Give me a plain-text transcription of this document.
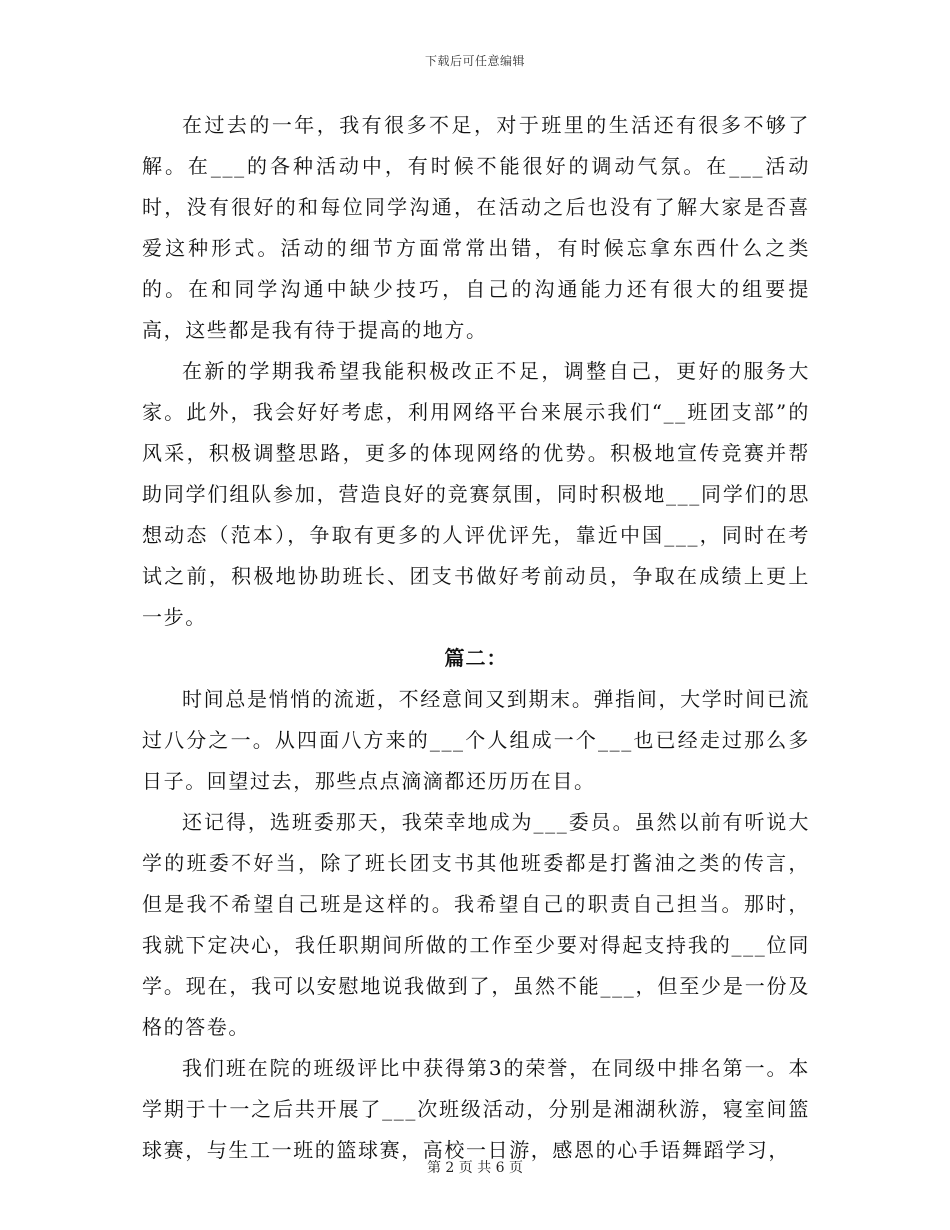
下载后可任意编辑

在过去的一年，我有很多不足，对于班里的生活还有很多不够了解。在___的各种活动中，有时候不能很好的调动气氛。在___活动时，没有很好的和每位同学沟通，在活动之后也没有了解大家是否喜爱这种形式。活动的细节方面常常出错，有时候忘拿东西什么之类的。在和同学沟通中缺少技巧，自己的沟通能力还有很大的组要提高，这些都是我有待于提高的地方。

在新的学期我希望我能积极改正不足，调整自己，更好的服务大家。此外，我会好好考虑，利用网络平台来展示我们“__班团支部”的风采，积极调整思路，更多的体现网络的优势。积极地宣传竞赛并帮助同学们组队参加，营造良好的竞赛氛围，同时积极地___同学们的思想动态（范本），争取有更多的人评优评先，靠近中国___，同时在考试之前，积极地协助班长、团支书做好考前动员，争取在成绩上更上一步。

篇二：

时间总是悄悄的流逝，不经意间又到期末。弹指间，大学时间已流过八分之一。从四面八方来的___个人组成一个___也已经走过那么多日子。回望过去，那些点点滴滴都还历历在目。

还记得，选班委那天，我荣幸地成为___委员。虽然以前有听说大学的班委不好当，除了班长团支书其他班委都是打酱油之类的传言，但是我不希望自己班是这样的。我希望自己的职责自己担当。那时，我就下定决心，我任职期间所做的工作至少要对得起支持我的___位同学。现在，我可以安慰地说我做到了，虽然不能___，但至少是一份及格的答卷。

我们班在院的班级评比中获得第3的荣誉，在同级中排名第一。本学期于十一之后共开展了___次班级活动，分别是湘湖秋游，寝室间篮球赛，与生工一班的篮球赛，高校一日游，感恩的心手语舞蹈学习，

第 2 页 共 6 页
